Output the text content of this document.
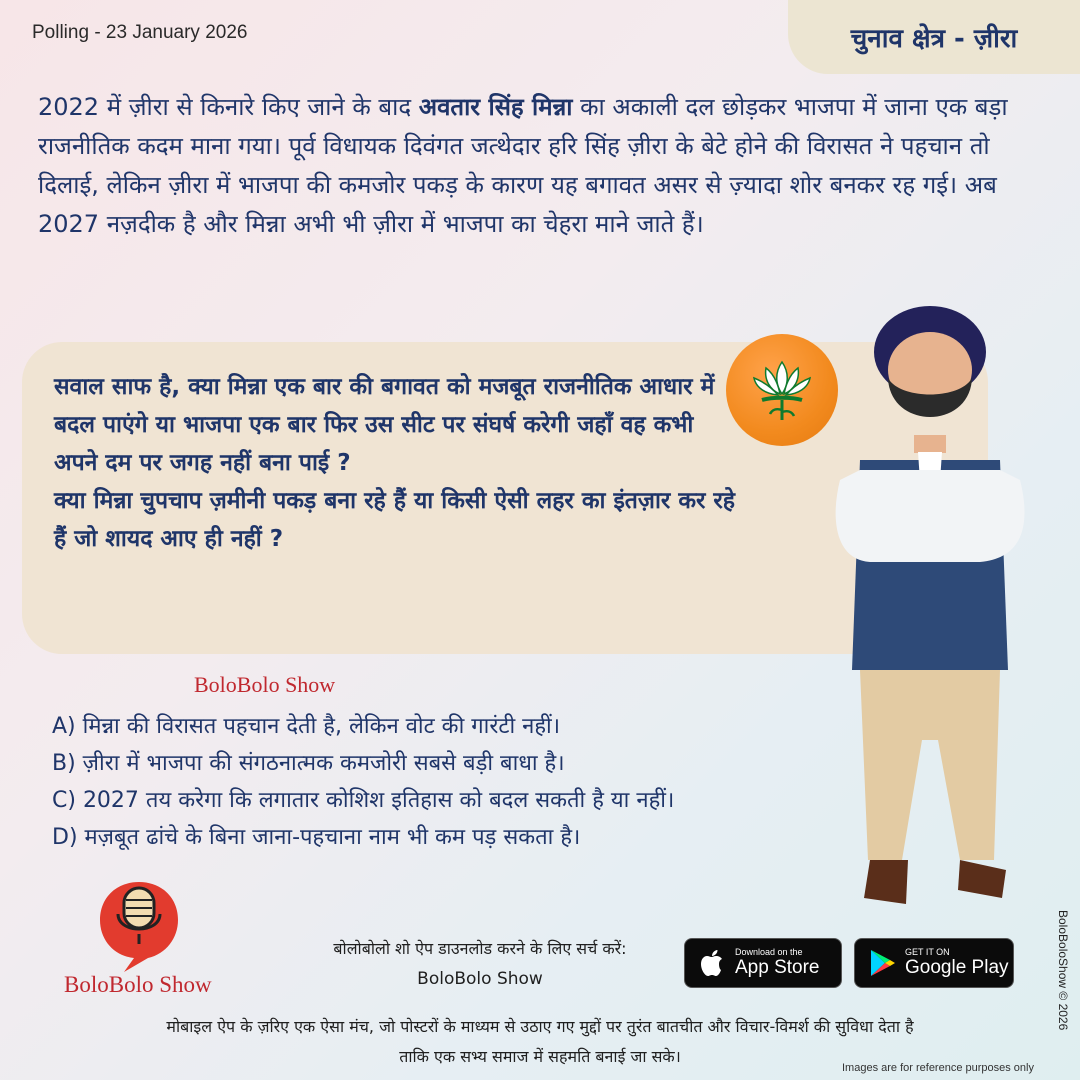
Polling - 23 January 2026	चुनाव क्षेत्र - ज़ीरा
2022 में ज़ीरा से किनारे किए जाने के बाद अवतार सिंह मिन्ना का अकाली दल छोड़कर भाजपा में जाना एक बड़ा राजनीतिक कदम माना गया। पूर्व विधायक दिवंगत जत्थेदार हरि सिंह ज़ीरा के बेटे होने की विरासत ने पहचान तो दिलाई, लेकिन ज़ीरा में भाजपा की कमजोर पकड़ के कारण यह बगावत असर से ज़्यादा शोर बनकर रह गई। अब 2027 नज़दीक है और मिन्ना अभी भी ज़ीरा में भाजपा का चेहरा माने जाते हैं।
सवाल साफ है, क्या मिन्ना एक बार की बगावत को मजबूत राजनीतिक आधार में बदल पाएंगे या भाजपा एक बार फिर उस सीट पर संघर्ष करेगी जहाँ वह कभी अपने दम पर जगह नहीं बना पाई ?
क्या मिन्ना चुपचाप ज़मीनी पकड़ बना रहे हैं या किसी ऐसी लहर का इंतज़ार कर रहे हैं जो शायद आए ही नहीं ?
BoloBolo Show
A) मिन्ना की विरासत पहचान देती है, लेकिन वोट की गारंटी नहीं।
B) ज़ीरा में भाजपा की संगठनात्मक कमजोरी सबसे बड़ी बाधा है।
C) 2027 तय करेगा कि लगातार कोशिश इतिहास को बदल सकती है या नहीं।
D) मज़बूत ढांचे के बिना जाना-पहचाना नाम भी कम पड़ सकता है।
BoloBolo Show
बोलोबोलो शो ऐप डाउनलोड करने के लिए सर्च करें:
BoloBolo Show
Download on the
App Store
GET IT ON
Google Play
मोबाइल ऐप के ज़रिए एक ऐसा मंच, जो पोस्टरों के माध्यम से उठाए गए मुद्दों पर तुरंत बातचीत और विचार-विमर्श की सुविधा देता है
ताकि एक सभ्य समाज में सहमति बनाई जा सके।
Images are for reference purposes only
BoloBoloShow © 2026
